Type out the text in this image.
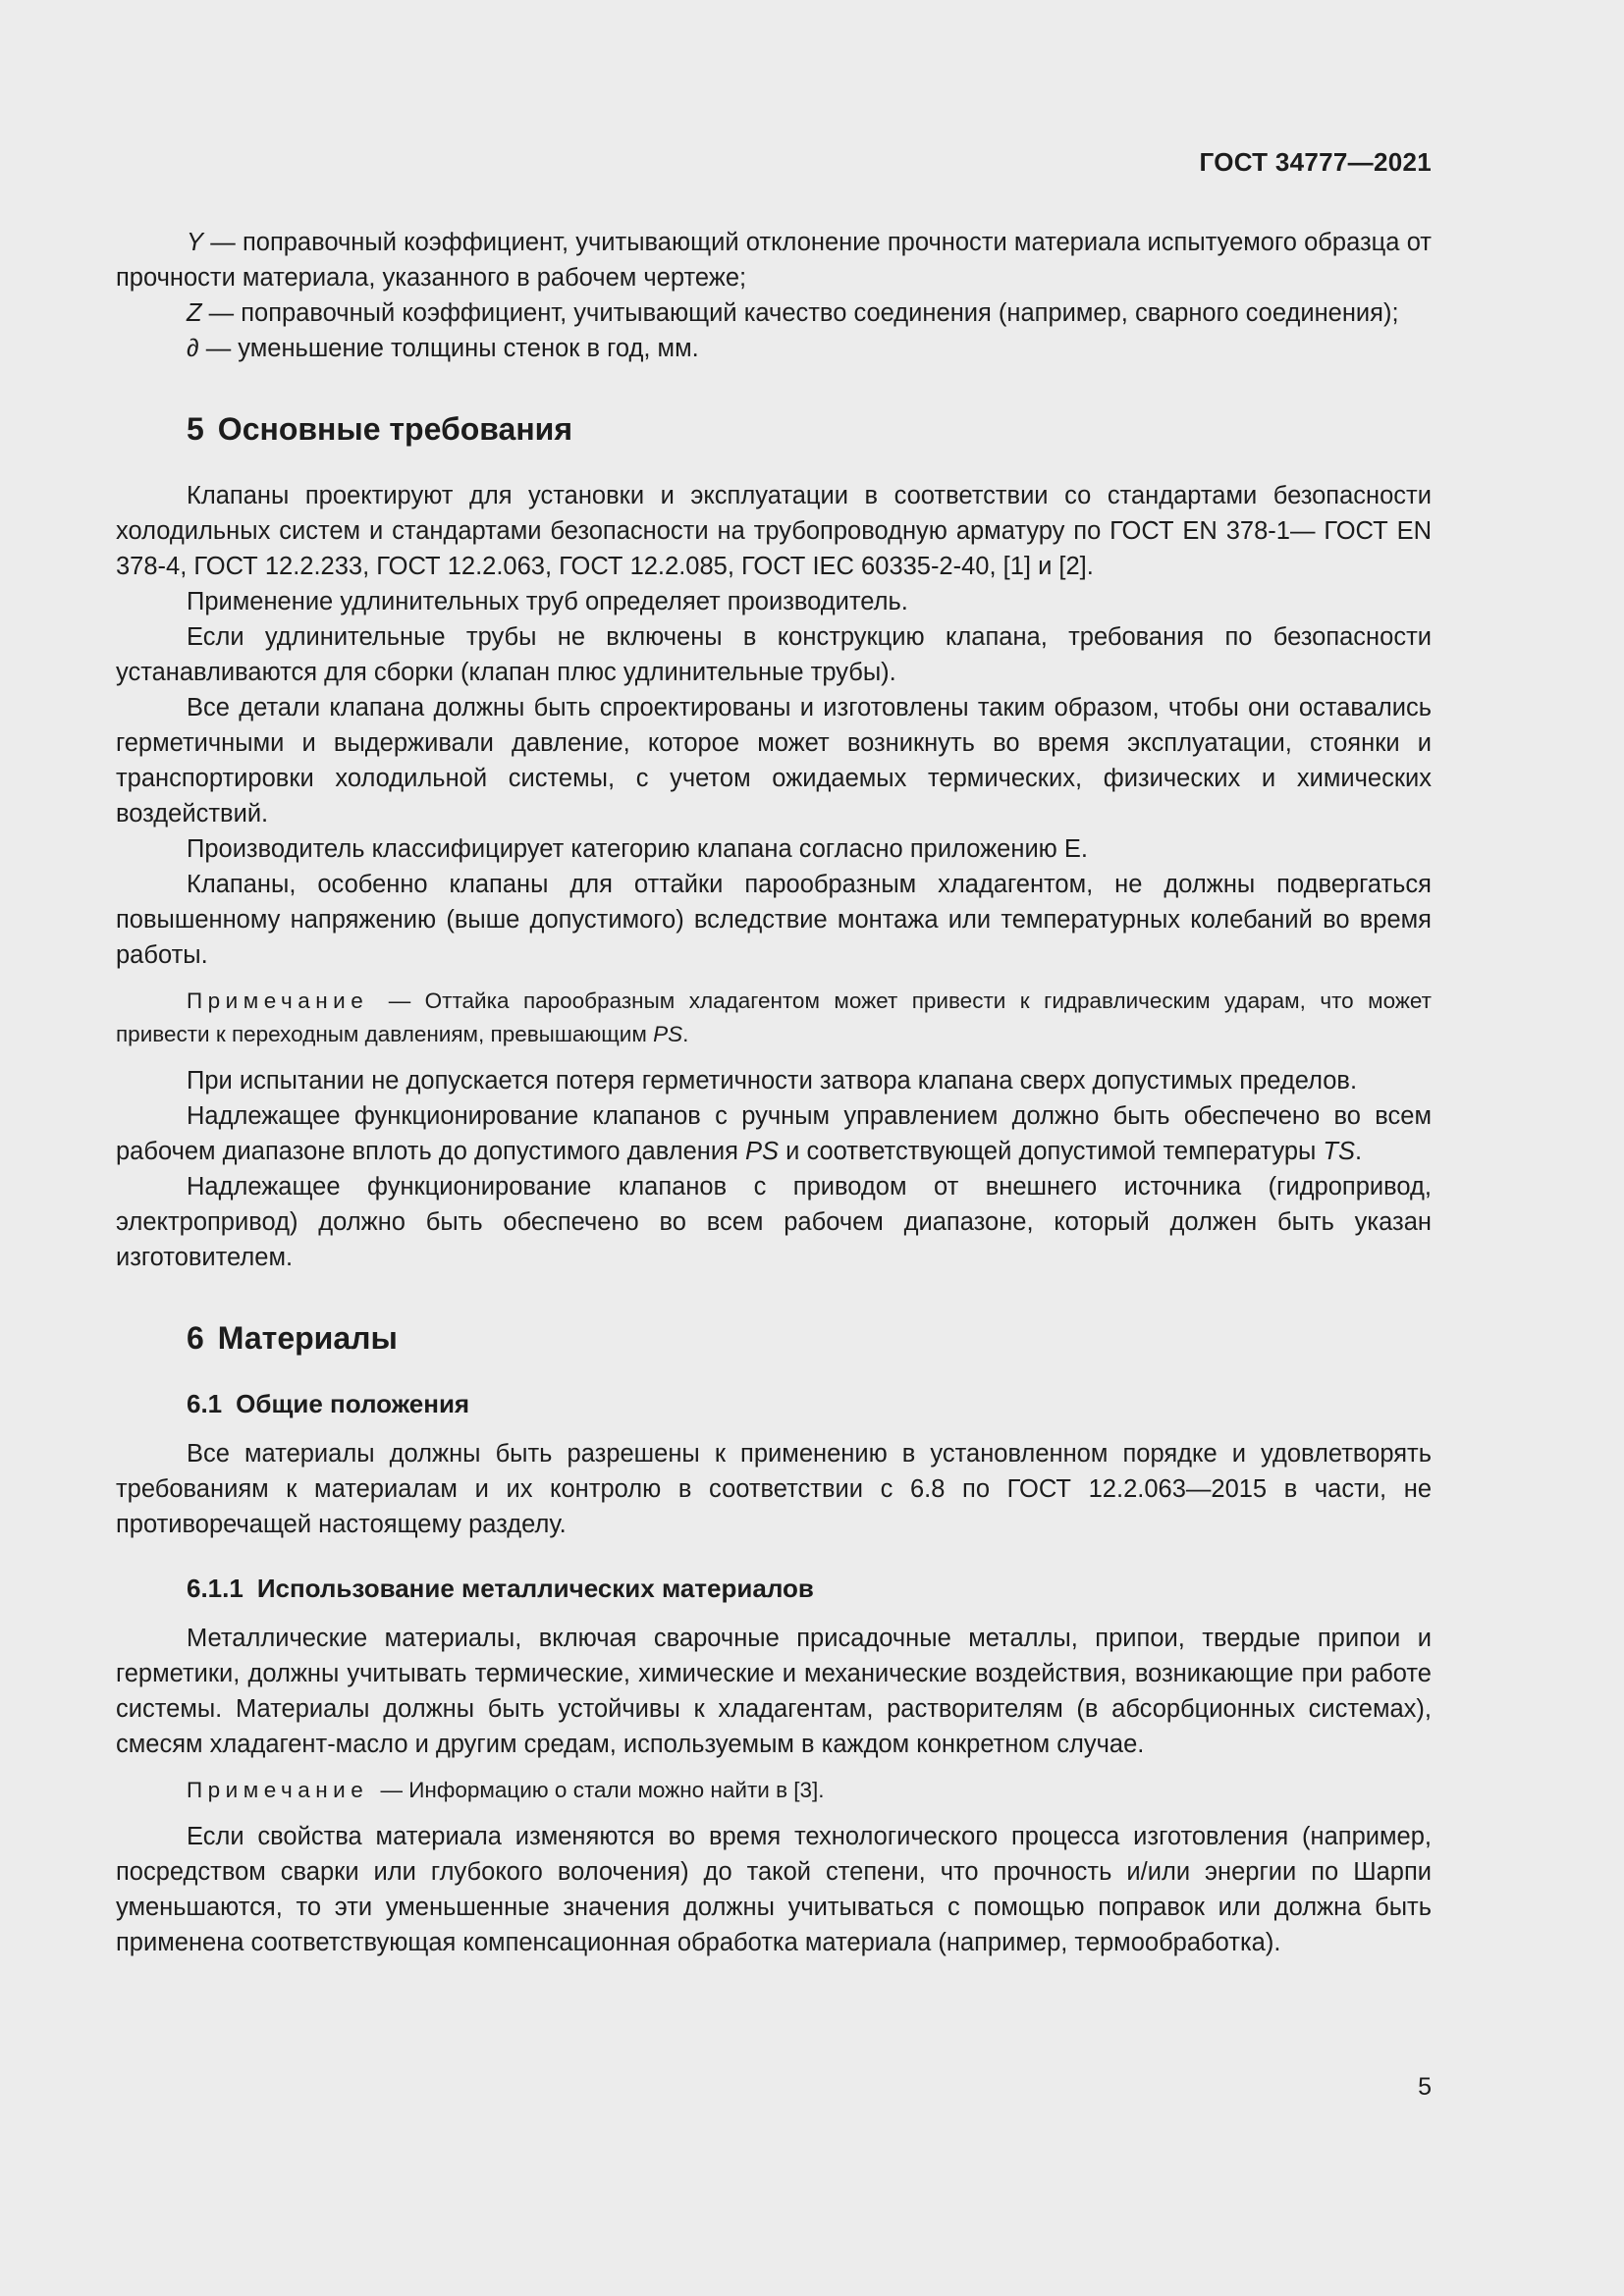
ГОСТ 34777—2021

Y — поправочный коэффициент, учитывающий отклонение прочности материала испытуемого образца от прочности материала, указанного в рабочем чертеже;

Z — поправочный коэффициент, учитывающий качество соединения (например, сварного соединения);

∂ — уменьшение толщины стенок в год, мм.

5 Основные требования

Клапаны проектируют для установки и эксплуатации в соответствии со стандартами безопасности холодильных систем и стандартами безопасности на трубопроводную арматуру по ГОСТ EN 378-1— ГОСТ EN 378-4, ГОСТ 12.2.233, ГОСТ 12.2.063, ГОСТ 12.2.085, ГОСТ IEC 60335-2-40, [1] и [2].

Применение удлинительных труб определяет производитель.

Если удлинительные трубы не включены в конструкцию клапана, требования по безопасности устанавливаются для сборки (клапан плюс удлинительные трубы).

Все детали клапана должны быть спроектированы и изготовлены таким образом, чтобы они оставались герметичными и выдерживали давление, которое может возникнуть во время эксплуатации, стоянки и транспортировки холодильной системы, с учетом ожидаемых термических, физических и химических воздействий.

Производитель классифицирует категорию клапана согласно приложению Е.

Клапаны, особенно клапаны для оттайки парообразным хладагентом, не должны подвергаться повышенному напряжению (выше допустимого) вследствие монтажа или температурных колебаний во время работы.

Примечание — Оттайка парообразным хладагентом может привести к гидравлическим ударам, что может привести к переходным давлениям, превышающим PS.

При испытании не допускается потеря герметичности затвора клапана сверх допустимых пределов.

Надлежащее функционирование клапанов с ручным управлением должно быть обеспечено во всем рабочем диапазоне вплоть до допустимого давления PS и соответствующей допустимой температуры TS.

Надлежащее функционирование клапанов с приводом от внешнего источника (гидропривод, электропривод) должно быть обеспечено во всем рабочем диапазоне, который должен быть указан изготовителем.

6 Материалы
6.1 Общие положения

Все материалы должны быть разрешены к применению в установленном порядке и удовлетворять требованиям к материалам и их контролю в соответствии с 6.8 по ГОСТ 12.2.063—2015 в части, не противоречащей настоящему разделу.

6.1.1 Использование металлических материалов

Металлические материалы, включая сварочные присадочные металлы, припои, твердые припои и герметики, должны учитывать термические, химические и механические воздействия, возникающие при работе системы. Материалы должны быть устойчивы к хладагентам, растворителям (в абсорбционных системах), смесям хладагент-масло и другим средам, используемым в каждом конкретном случае.

Примечание — Информацию о стали можно найти в [3].

Если свойства материала изменяются во время технологического процесса изготовления (например, посредством сварки или глубокого волочения) до такой степени, что прочность и/или энергии по Шарпи уменьшаются, то эти уменьшенные значения должны учитываться с помощью поправок или должна быть применена соответствующая компенсационная обработка материала (например, термообработка).

5
